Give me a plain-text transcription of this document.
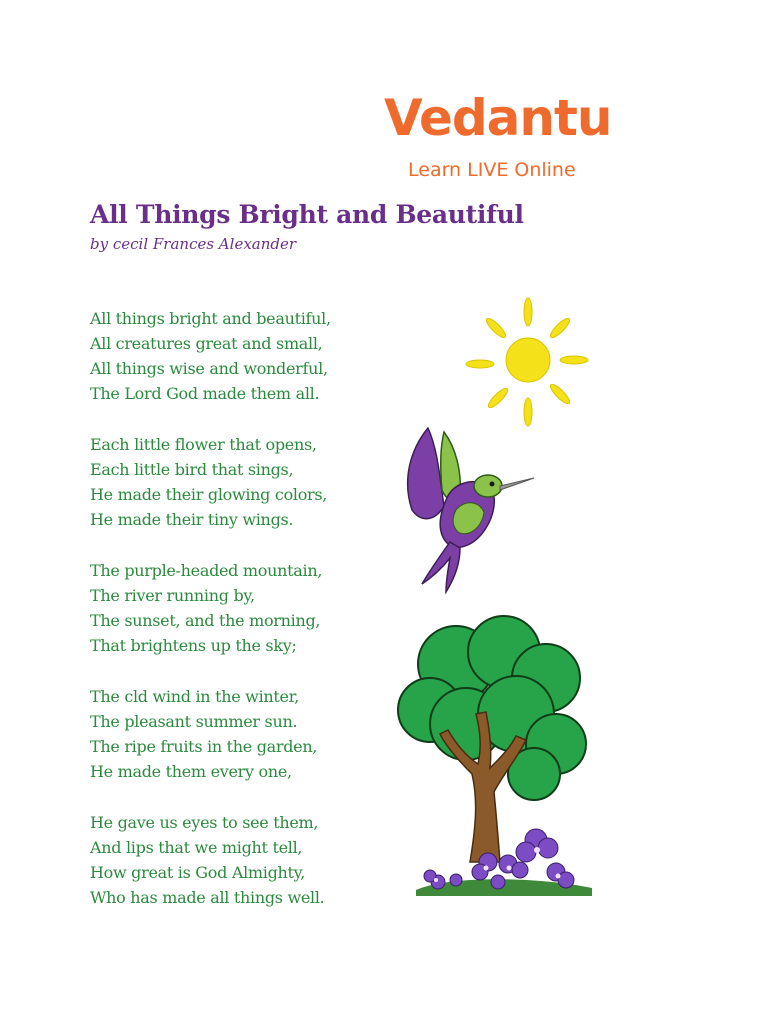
Vedantu
Learn LIVE Online
All Things Bright and Beautiful
by cecil Frances Alexander
All things bright and beautiful,
All creatures great and small,
All things wise and wonderful,
The Lord God made them all.
Each little flower that opens,
Each little bird that sings,
He made their glowing colors,
He made their tiny wings.
The purple-headed mountain,
The river running by,
The sunset, and the morning,
That brightens up the sky;
The cld wind in the winter,
The pleasant summer sun.
The ripe fruits in the garden,
He made them every one,
He gave us eyes to see them,
And lips that we might tell,
How great is God Almighty,
Who has made all things well.
